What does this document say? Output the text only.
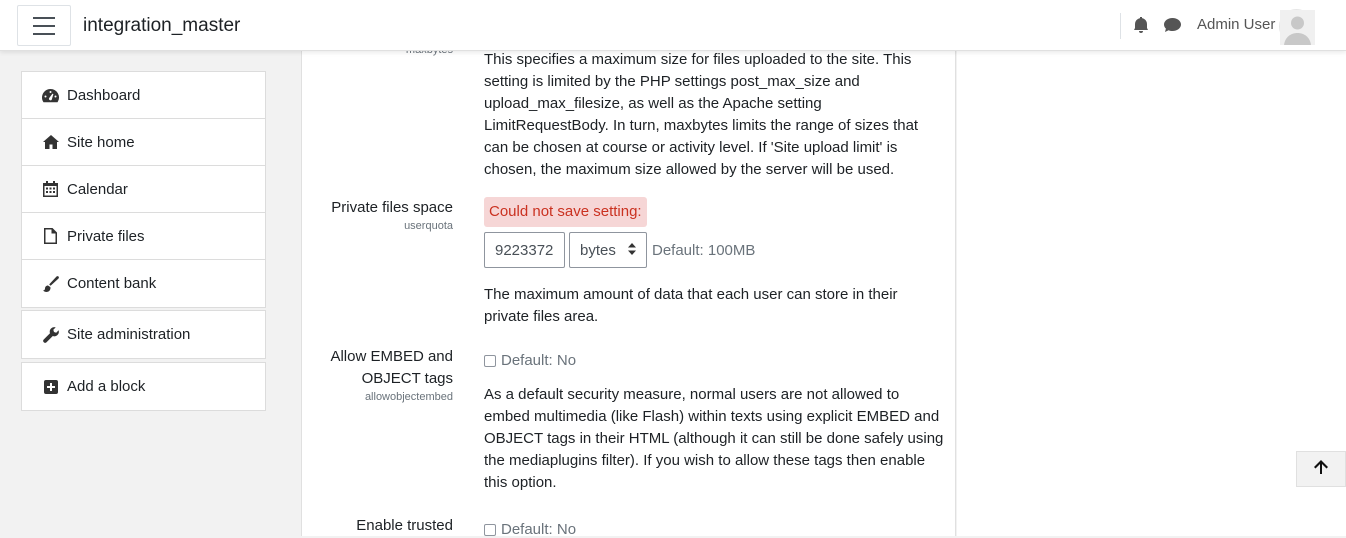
integration_master	Admin User
Dashboard
Site home
Calendar
Private files
Content bank
Site administration
Add a block
This specifies a maximum size for files uploaded to the site. This setting is limited by the PHP settings post_max_size and upload_max_filesize, as well as the Apache setting LimitRequestBody. In turn, maxbytes limits the range of sizes that can be chosen at course or activity level. If 'Site upload limit' is chosen, the maximum size allowed by the server will be used.
Private files space
userquota
Could not save setting:
9223372	bytes Default: 100MB
The maximum amount of data that each user can store in their private files area.
Allow EMBED and
OBJECT tags
allowobjectembed
Default: No
As a default security measure, normal users are not allowed to embed multimedia (like Flash) within texts using explicit EMBED and OBJECT tags in their HTML (although it can still be done safely using the mediaplugins filter). If you wish to allow these tags then enable this option.
Enable trusted	Default: No
